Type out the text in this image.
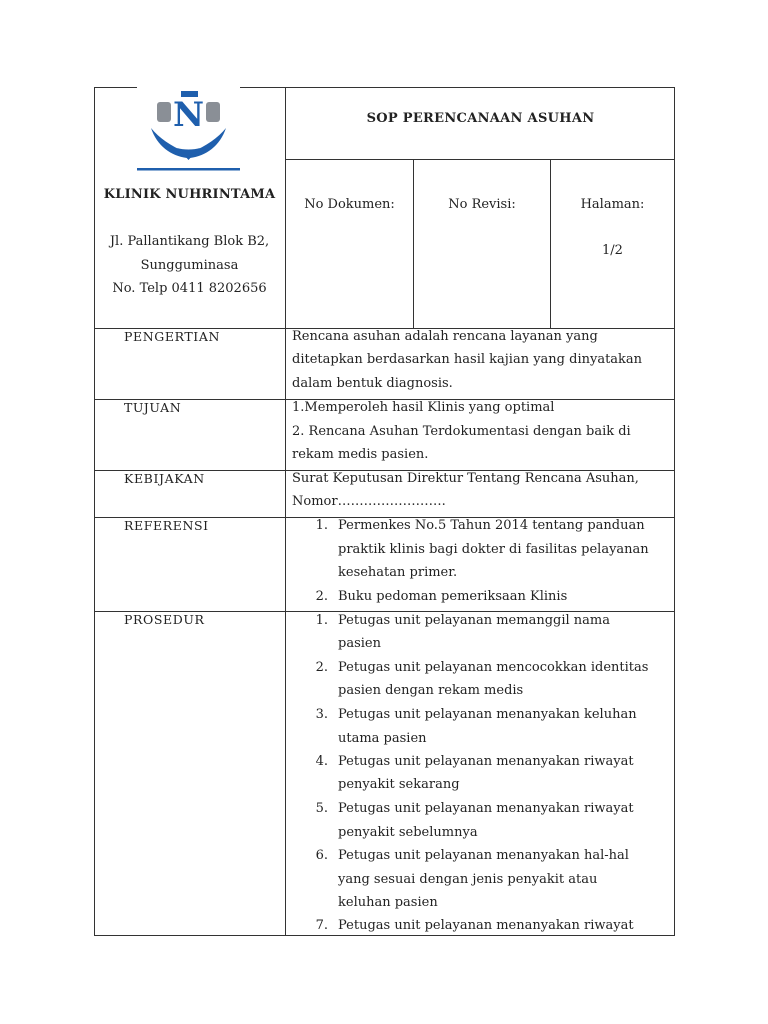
N
KLINIK NUHRINTAMA
Jl. Pallantikang Blok B2,
Sungguminasa
No. Telp 0411 8202656
SOP PERENCANAAN ASUHAN
No Dokumen:	No Revisi:	Halaman:
1/2
PENGERTIAN	Rencana asuhan adalah rencana layanan yang
ditetapkan berdasarkan hasil kajian yang dinyatakan
dalam bentuk diagnosis.
TUJUAN	1.Memperoleh hasil Klinis yang optimal
2. Rencana Asuhan Terdokumentasi dengan baik di
rekam medis pasien.
KEBIJAKAN	Surat Keputusan Direktur Tentang Rencana Asuhan,
Nomor…………………….
REFERENSI	1. Permenkes No.5 Tahun 2014 tentang panduan
praktik klinis bagi dokter di fasilitas pelayanan
kesehatan primer.
2. Buku pedoman pemeriksaan Klinis
PROSEDUR	1. Petugas unit pelayanan memanggil nama
pasien
2. Petugas unit pelayanan mencocokkan identitas
pasien dengan rekam medis
3. Petugas unit pelayanan menanyakan keluhan
utama pasien
4. Petugas unit pelayanan menanyakan riwayat
penyakit sekarang
5. Petugas unit pelayanan menanyakan riwayat
penyakit sebelumnya
6. Petugas unit pelayanan menanyakan hal-hal
yang sesuai dengan jenis penyakit atau
keluhan pasien
7. Petugas unit pelayanan menanyakan riwayat
